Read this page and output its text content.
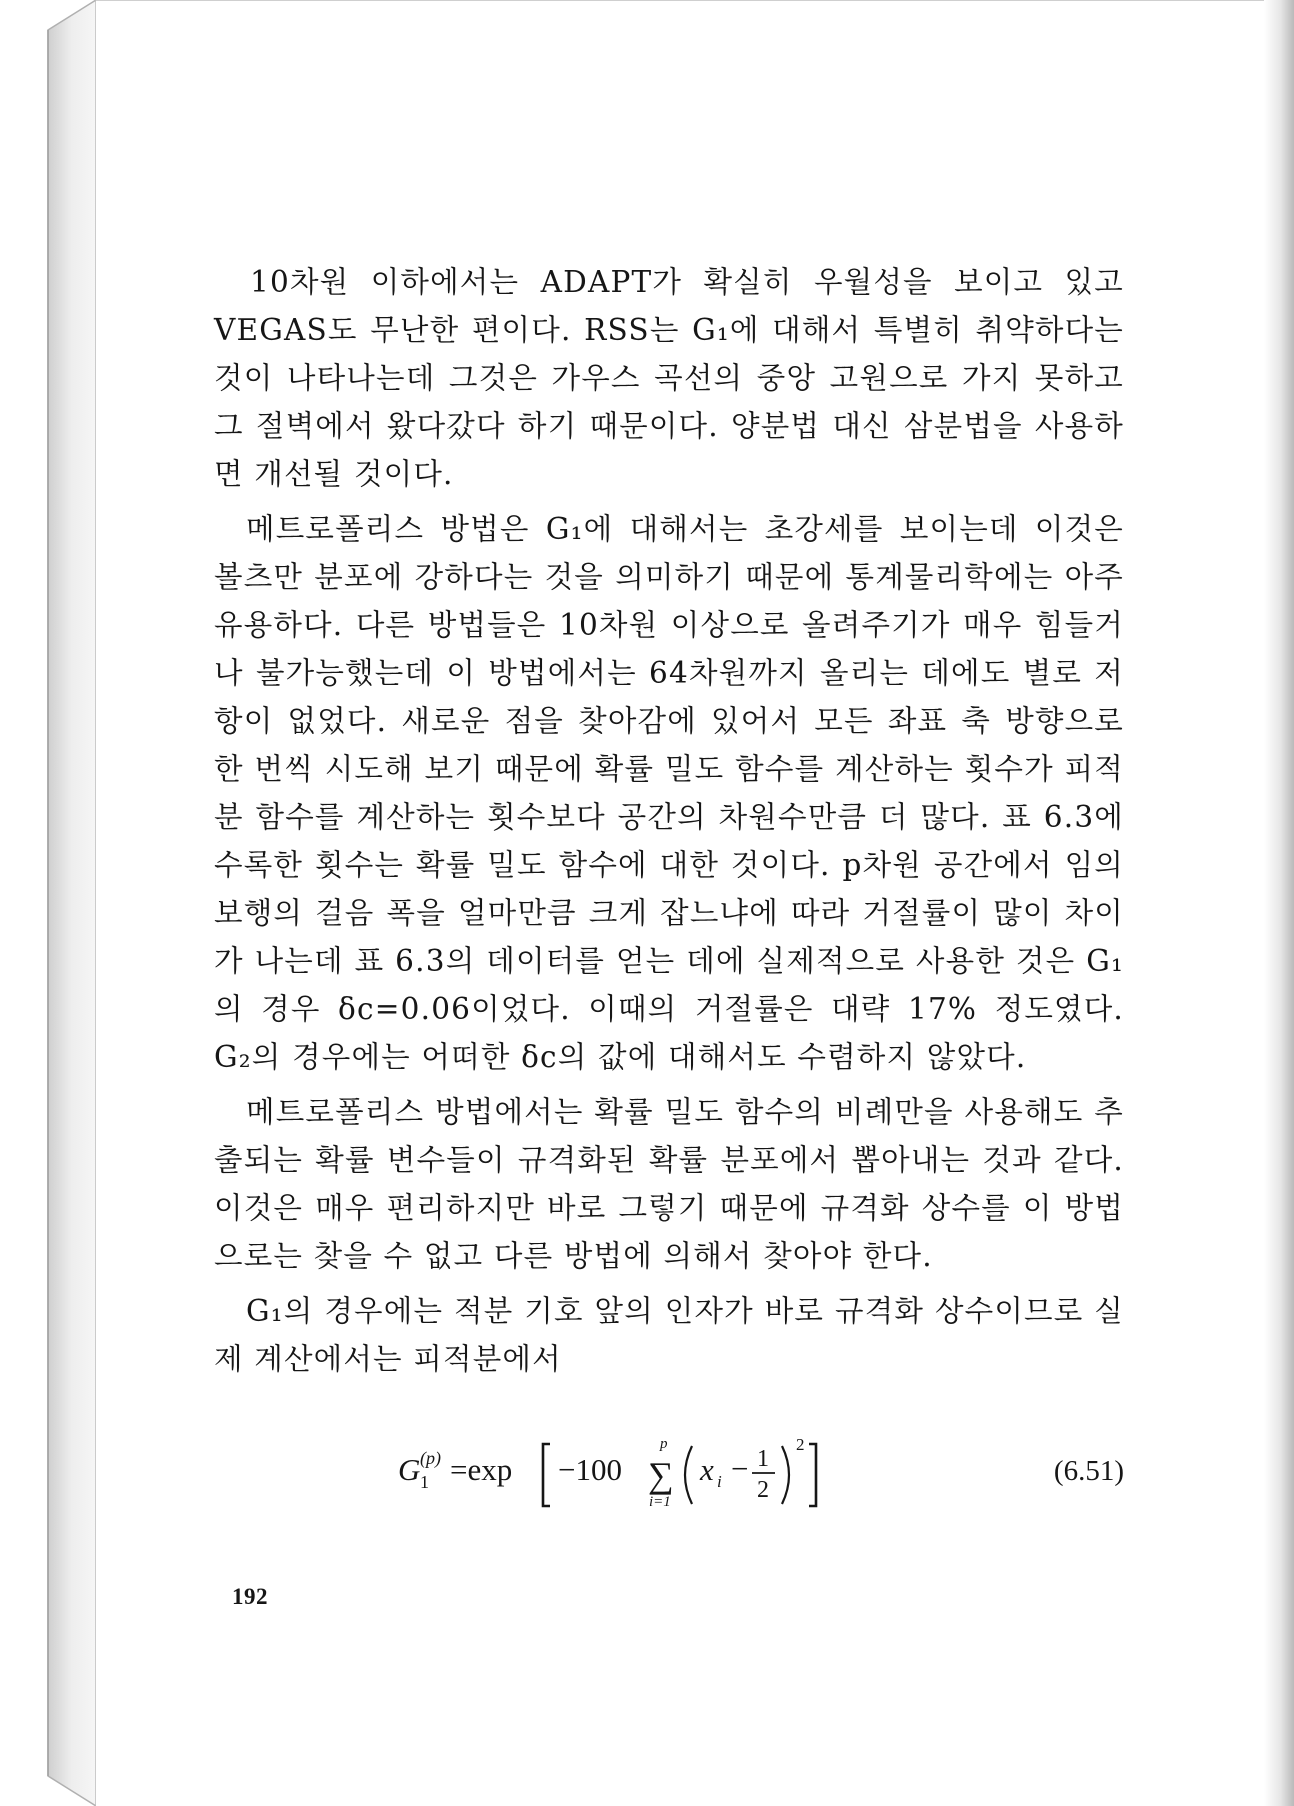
10차원 이하에서는 ADAPT가 확실히 우월성을 보이고 있고 VEGAS도 무난한 편이다. RSS는 G₁에 대해서 특별히 취약하다는 것이 나타나는데 그것은 가우스 곡선의 중앙 고원으로 가지 못하고 그 절벽에서 왔다갔다 하기 때문이다. 양분법 대신 삼분법을 사용하면 개선될 것이다.

메트로폴리스 방법은 G₁에 대해서는 초강세를 보이는데 이것은 볼츠만 분포에 강하다는 것을 의미하기 때문에 통계물리학에는 아주 유용하다. 다른 방법들은 10차원 이상으로 올려주기가 매우 힘들거나 불가능했는데 이 방법에서는 64차원까지 올리는 데에도 별로 저항이 없었다. 새로운 점을 찾아감에 있어서 모든 좌표 축 방향으로 한 번씩 시도해 보기 때문에 확률 밀도 함수를 계산하는 횟수가 피적분 함수를 계산하는 횟수보다 공간의 차원수만큼 더 많다. 표 6.3에 수록한 횟수는 확률 밀도 함수에 대한 것이다. p차원 공간에서 임의 보행의 걸음 폭을 얼마만큼 크게 잡느냐에 따라 거절률이 많이 차이가 나는데 표 6.3의 데이터를 얻는 데에 실제적으로 사용한 것은 G₁의 경우 δc=0.06이었다. 이때의 거절률은 대략 17% 정도였다. G₂의 경우에는 어떠한 δc의 값에 대해서도 수렴하지 않았다.

메트로폴리스 방법에서는 확률 밀도 함수의 비례만을 사용해도 추출되는 확률 변수들이 규격화된 확률 분포에서 뽑아내는 것과 같다. 이것은 매우 편리하지만 바로 그렇기 때문에 규격화 상수를 이 방법으로는 찾을 수 없고 다른 방법에 의해서 찾아야 한다.

G₁의 경우에는 적분 기호 앞의 인자가 바로 규격화 상수이므로 실제 계산에서는 피적분에서

G 1
(p) =exp −100 ∑
p
i=1
x i − 1
2
2
(6.51)
192
